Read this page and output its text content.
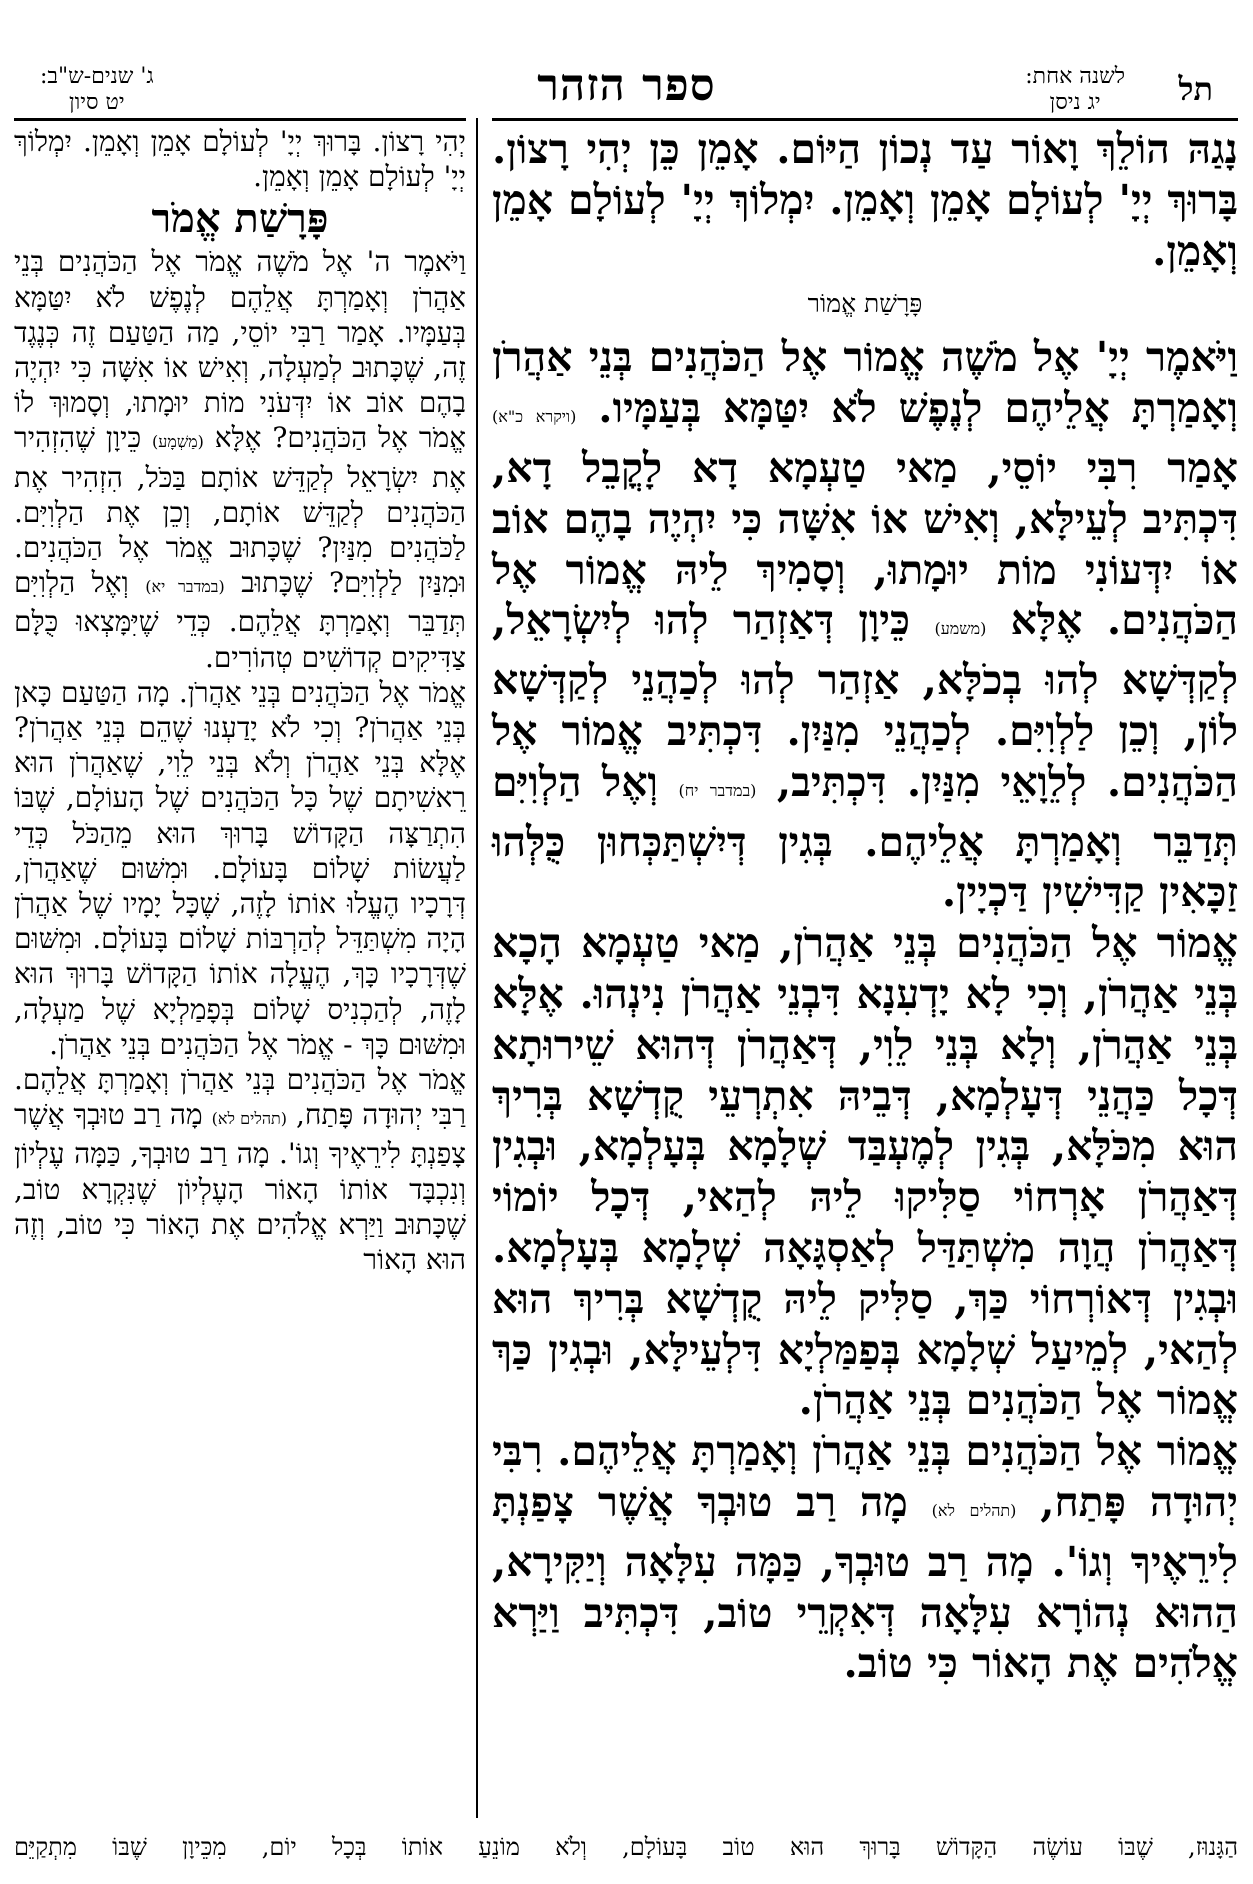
תל
לשנה אחת:
יג ניסן
ספר הזהר
ג' שנים-ש"ב:
יט סיון

נָגַהּ הוֹלֵךְ וָאוֹר עַד נְכוֹן הַיּוֹם. אָמֵן כֵּן יְהִי רָצוֹן. בָּרוּךְ יְיָ' לְעוֹלָם אָמֵן וְאָמֵן. יִמְלוֹךְ יְיָ' לְעוֹלָם אָמֵן וְאָמֵן.

פָּרָשַׁת אֱמוֹר

וַיֹּאמֶר יְיָ' אֶל מֹשֶׁה אֱמוֹר אֶל הַכֹּהֲנִים בְּנֵי אַהֲרֹן וְאָמַרְתָּ אֲלֵיהֶם לְנֶפֶשׁ לֹא יִטַּמָּא בְּעַמָּיו. (ויקרא כ"א) אָמַר רִבִּי יוֹסֵי, מַאי טַעְמָא דָא לָקֳבֵל דָא, דִּכְתִּיב לְעֵילָּא, וְאִישׁ אוֹ אִשָּׁה כִּי יִהְיֶה בָהֶם אוֹב אוֹ יִדְּעוֹנִי מוֹת יוּמָתוּ, וְסָמִיךְ לֵיהּ אֱמוֹר אֶל הַכֹּהֲנִים. אֶלָּא (משמע) כֵּיוָן דְּאַזְהַר לְהוּ לְיִשְׂרָאֵל, לְקַדְּשָׁא לְהוּ בְכֹלָּא, אַזְהַר לְהוּ לְכַהֲנֵי לְקַדְּשָׁא לוֹן, וְכֵן לַלְוִיִּם. לְכַהֲנֵי מִנַּיִן. דִּכְתִּיב אֱמוֹר אֶל הַכֹּהֲנִים. לְלֵוָאֵי מִנַּיִן. דִּכְתִּיב, (במדבר יח) וְאֶל הַלְוִיִּם תְּדַבֵּר וְאָמַרְתָּ אֲלֵיהֶם. בְּגִין דְּיִשְׁתַּכְּחוּן כֻּלְּהוּ זַכָּאִין קַדִּישִׁין דַּכְיָין.

אֱמוֹר אֶל הַכֹּהֲנִים בְּנֵי אַהֲרֹן, מַאי טַעְמָא הָכָא בְּנֵי אַהֲרֹן, וְכִי לָא יָדְעִנָא דִּבְנֵי אַהֲרֹן נִינְהוּ. אֶלָּא בְּנֵי אַהֲרֹן, וְלָא בְּנֵי לֵוִי, דְּאַהֲרֹן דְּהוּא שֵׁירוּתָא דְּכָל כַּהֲנֵי דְּעָלְמָא, דְּבֵיהּ אִתְרְעֵי קֻדְשָׁא בְּרִיךְ הוּא מִכֹּלָּא, בְּגִין לְמֶעְבַּד שְׁלָמָא בְּעָלְמָא, וּבְגִין דְּאַהֲרֹן אָרְחוֹי סַלִּיקוּ לֵיהּ לְהַאי, דְּכָל יוֹמוֹי דְּאַהֲרֹן הֲוָה מִשְׁתַּדַּל לְאַסְגָּאָה שְׁלָמָא בְּעָלְמָא. וּבְגִין דְּאוֹרְחוֹי כַּךְ, סַלִּיק לֵיהּ קֻדְשָׁא בְּרִיךְ הוּא לְהַאי, לְמֵיעַל שְׁלָמָא בְּפַמַּלְיָא דִּלְעֵילָּא, וּבְגִין כַּךְ אֱמוֹר אֶל הַכֹּהֲנִים בְּנֵי אַהֲרֹן.

אֱמוֹר אֶל הַכֹּהֲנִים בְּנֵי אַהֲרֹן וְאָמַרְתָּ אֲלֵיהֶם. רִבִּי יְהוּדָה פָּתַח, (תהלים לא) מָה רַב טוּבְךָ אֲשֶׁר צָפַנְתָּ לִירֵאֶיךָ וְגוֹ'. מָה רַב טוּבְךָ, כַּמָּה עִלָּאָה וְיַקִּירָא, הַהוּא נְהוֹרָא עִלָּאָה דְּאִקְרֵי טוֹב, דִּכְתִּיב וַיַּרְא אֱלֹהִים אֶת הָאוֹר כִּי טוֹב.

יְהִי רָצוֹן. בָּרוּךְ יְיָ' לְעוֹלָם אָמֵן וְאָמֵן. יִמְלוֹךְ יְיָ' לְעוֹלָם אָמֵן וְאָמֵן.

פָּרָשַׁת אֱמֹר

וַיֹּאמֶר ה' אֶל מֹשֶׁה אֱמֹר אֶל הַכֹּהֲנִים בְּנֵי אַהֲרֹן וְאָמַרְתָּ אֲלֵהֶם לְנֶפֶשׁ לֹא יִטַּמָּא בְּעַמָּיו. אָמַר רַבִּי יוֹסֵי, מַה הַטַּעַם זֶה כְּנֶגֶד זֶה, שֶׁכָּתוּב לְמַעְלָה, וְאִישׁ אוֹ אִשָּׁה כִּי יִהְיֶה בָהֶם אוֹב אוֹ יִדְּעֹנִי מוֹת יוּמָתוּ, וְסָמוּךְ לוֹ אֱמֹר אֶל הַכֹּהֲנִים? אֶלָּא (מַשְׁמָע) כֵּיוָן שֶׁהִזְהִיר אֶת יִשְׂרָאֵל לְקַדֵּשׁ אוֹתָם בַּכֹּל, הִזְהִיר אֶת הַכֹּהֲנִים לְקַדֵּשׁ אוֹתָם, וְכֵן אֶת הַלְוִיִּם. לַכֹּהֲנִים מִנַּיִן? שֶׁכָּתוּב אֱמֹר אֶל הַכֹּהֲנִים. וּמִנַּיִן לַלְוִיִּם? שֶׁכָּתוּב (במדבר יא) וְאֶל הַלְוִיִּם תְּדַבֵּר וְאָמַרְתָּ אֲלֵהֶם. כְּדֵי שֶׁיִּמָּצְאוּ כֻּלָּם צַדִּיקִים קְדוֹשִׁים טְהוֹרִים.

אֱמֹר אֶל הַכֹּהֲנִים בְּנֵי אַהֲרֹן. מָה הַטַּעַם כָּאן בְּנֵי אַהֲרֹן? וְכִי לֹא יָדַעְנוּ שֶׁהֵם בְּנֵי אַהֲרֹן? אֶלָּא בְּנֵי אַהֲרֹן וְלֹא בְּנֵי לֵוִי, שֶׁאַהֲרֹן הוּא רֵאשִׁיתָם שֶׁל כָּל הַכֹּהֲנִים שֶׁל הָעוֹלָם, שֶׁבּוֹ הִתְרַצָּה הַקָּדוֹשׁ בָּרוּךְ הוּא מֵהַכֹּל כְּדֵי לַעֲשׂוֹת שָׁלוֹם בָּעוֹלָם. וּמִשּׁוּם שֶׁאַהֲרֹן, דְּרָכָיו הֶעֱלוּ אוֹתוֹ לָזֶה, שֶׁכָּל יָמָיו שֶׁל אַהֲרֹן הָיָה מִשְׁתַּדֵּל לְהַרְבּוֹת שָׁלוֹם בָּעוֹלָם. וּמִשּׁוּם שֶׁדְּרָכָיו כָּךְ, הֶעֱלָה אוֹתוֹ הַקָּדוֹשׁ בָּרוּךְ הוּא לָזֶה, לְהַכְנִיס שָׁלוֹם בְּפָמַלְיָא שֶׁל מַעְלָה, וּמִשּׁוּם כָּךְ - אֱמֹר אֶל הַכֹּהֲנִים בְּנֵי אַהֲרֹן.

אֱמֹר אֶל הַכֹּהֲנִים בְּנֵי אַהֲרֹן וְאָמַרְתָּ אֲלֵהֶם. רַבִּי יְהוּדָה פָּתַח, (תהלים לא) מָה רַב טוּבְךָ אֲשֶׁר צָפַנְתָּ לִירֵאֶיךָ וְגוֹ'. מָה רַב טוּבְךָ, כַּמָּה עֶלְיוֹן וְנִכְבָּד אוֹתוֹ הָאוֹר הָעֶלְיוֹן שֶׁנִּקְרָא טוֹב, שֶׁכָּתוּב וַיַּרְא אֱלֹהִים אֶת הָאוֹר כִּי טוֹב, וְזֶה הוּא הָאוֹר

הַגָּנוּז, שֶׁבּוֹ עוֹשֶׂה הַקָּדוֹשׁ בָּרוּךְ הוּא טוֹב בָּעוֹלָם, וְלֹא מוֹנֵעַ אוֹתוֹ בְּכָל יוֹם, מִכֵּיוָן שֶׁבּוֹ מִתְקַיֵּם
